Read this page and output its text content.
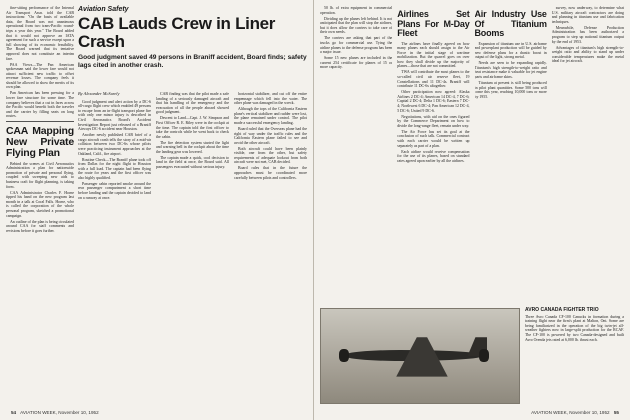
fine-sitting performance of the Internal Air Transport Assn. told the CAB instructions: "On the basis of available data, the Board was not unanimous operational from two trans-Pacific round-trips a year this year." The Board added that it would not approve an IATA agreement for such a service except upon a full showing of its economic feasibility. The Board warned that its tentative approval does not constitute an interim fare.

PAA Views—The Pan American spokesman said the lower fare would not attract sufficient new traffic to offset revenue losses. The company feels it should be allowed to show the merits of its own plan.

Pan American has been pressing for a lower fare structure for some time. The company believes that a cut in fares across the Pacific would benefit both the traveler and the carrier by filling seats on long routes.

CAA Mapping New Private Flying Plan

Behind the scenes at Civil Aeronautics Administration a plan for nationwide promotion of private and personal flying, coupled with sweeping new aids to business craft for flight planning, is taking form.

CAA Administrator Charles F. Horne tipped his hand on the new program last month in a talk at Coral Falls. Horne, who is called the corporation of the whole personal program, sketched a promotional campaign.

An outline of the plan is being circulated around CAA for staff comments and revisions before it goes further.

Aviation Safety
CAB Lauds Crew in Liner Crash
Good judgment saved 49 persons in Braniff accident, Board finds; safety lags cited in another crash.
By Alexander McSurely

Good judgment and alert action by a DC-6 all-cargo flight crew which enabled 49 persons to escape from an in-flight transport plane fire with only one minor injury is described in Civil Aeronautics Board's Accident Investigation Report just released of a Braniff Airways DC-6 accident near Houston.

Another newly published CAB brief of a cargo aircraft crash tells the story of a mid-air collision between two DC-6s whose pilots were practicing instrument approaches at the Oakland, Calif., fire airport.

Routine Check—The Braniff plane took off from Dallas for the night flight to Houston with a full load. The captain had been flying the route for years and the first officer was also highly qualified.

Passenger cabin reported smoke around the rear passenger compartment a short time before landing and the captain decided to land on a runway at once.

CAB finding was that the pilot made a safe landing of a seriously damaged aircraft and that his handling of the emergency and the evacuation of all the people aboard showed good judgment.

Descent to Land—Capt. J. W. Simpson and First Officer R. E. Riley were in the cockpit at the time. The captain told the first officer to take the controls while he went back to check the cabin.

The fire detection system started the light and warning bell in the cockpit about the time the landing gear was lowered.

The captain made a quick, cool decision to land in the field at once, the Board said. All passengers evacuated without serious injury.

horizontal stabilizer, and cut off the entire empennage which fell into the water. The other plane was damaged in the wreck.

Although the tops of the California Eastern plane's vertical stabilizer and rudder were lost, the plane remained under control. The pilot made a successful emergency landing.

Board ruled that the Overseas plane had the right of way under the traffic rules and the California Eastern plane failed to see and avoid the other aircraft.

Both aircraft could have been plainly visible, one from the other, but safety requirements of adequate lookout from both aircraft were not met, CAB decided.

Board rules that in the future the approaches must be coordinated more carefully between pilots and controllers.

54 AVIATION WEEK, November 10, 1952

50 lb. of extra equipment in commercial operation.

Dividing up the planes left behind. It is not anticipated that the plan will stop the airlines, but it does allow the carriers to take care of their own needs.

The carriers are asking that part of the trucks go for commercial use. Tying the airline planes to the defense program has been a major issue.

Some 15 new planes are included in the current 254 certificate for planes of 15 or more capacity.

Airlines Set Plans For M-Day Fleet

The airlines have finally agreed on how many planes each should assign to the Air Force in the initial stage of wartime mobilization. But the quarrel goes on over how they shall divide up the majority of planes—those that are not committed.

TWA will contribute the most planes to the so-called civil air reserve fleet, 19 Constellations and 11 DC-4s. Braniff will contribute 11 DC-6s altogether.

Other participation now agreed: Alaska Airlines 2 DC-4; American 14 DC-4, 7 DC-6; Capital 2 DC-4; Delta 1 DC-6; Eastern 7 DC-4; Northwest 6 DC-4; Pan American 12 DC-4, 5 DC-6; United 9 DC-6.

Negotiations, with aid on the ones figured by the Commerce Department on how to divide the long-range fleet, remain under way.

The Air Force has set its goal at the conclusion of such talk. Commercial contract with each carrier would be written up separately as part of a plan.

Each airline would receive compensation for the use of its planes, based on standard rates agreed upon earlier by all the airlines.

Air Industry Use Of Titanium Booms

Expansion of titanium use in U.S. airframe and powerplant production will be guided by new defense plans for a drastic boost in output of the light, strong metal.

Needs are seen to be expanding rapidly. Titanium's high strength-to-weight ratio and heat resistance make it valuable for jet engine parts and airframe skins.

Titanium at present is still being produced in pilot plant quantities. Some 500 tons will come this year, reaching 10,000 tons or more by 1955.

survey, now underway, to determine what U.S. military aircraft contractors are doing and planning in titanium use and fabrication techniques.

Meanwhile, Defense Production Administration has been authorized a program to step up national titanium output by the end of 1953.

Advantages of titanium's high strength-to-weight ratio and ability to stand up under considerable temperatures make the metal ideal for jet aircraft.

AVRO CANADA FIGHTER TRIO

Three Avro Canada CF-100 Canucks in formation during a training flight near the firm's plant at Malton, Ont. Some are being familiarized in the operation of the big twin-jet all-weather fighters now in large-split production for the RCAF. The CF-100 is powered by two Canada-designed and built Avro Orenda jets rated at 6,000 lb. thrust each.

AVIATION WEEK, November 10, 1952 55
